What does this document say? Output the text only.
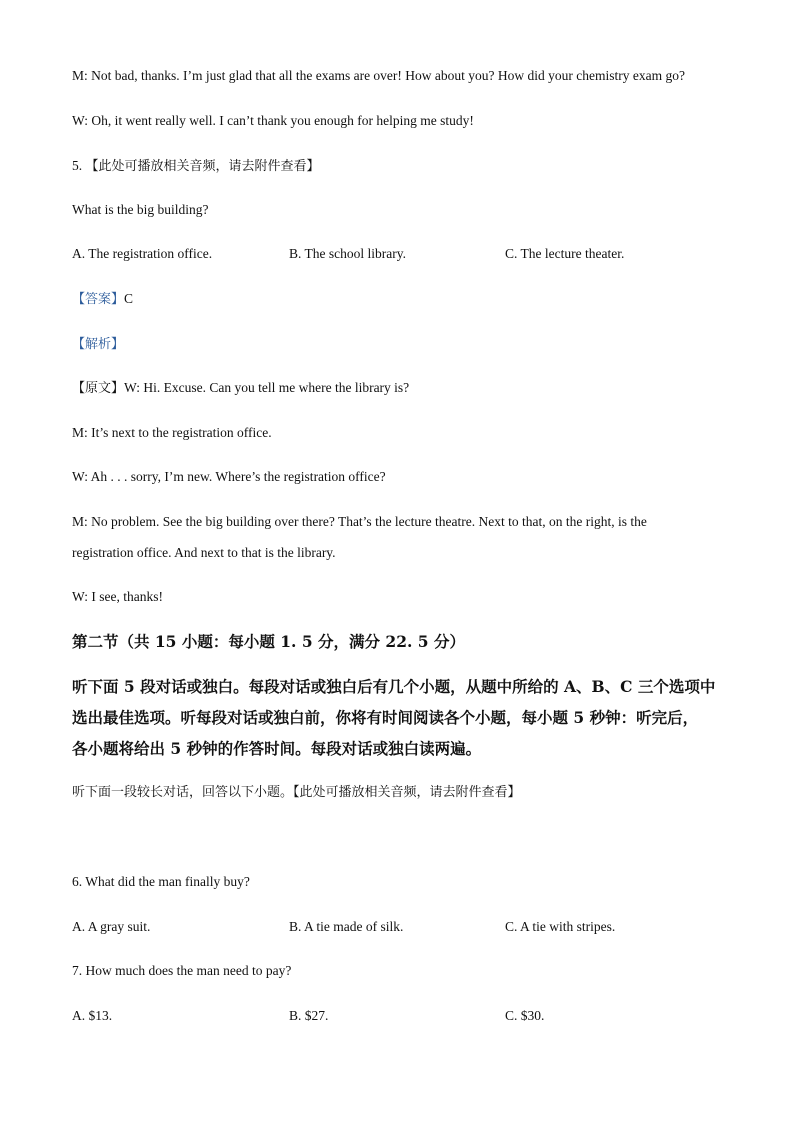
M: Not bad, thanks. I’m just glad that all the exams are over! How about you? How did your chemistry exam go?

W: Oh, it went really well. I can’t thank you enough for helping me study!

5. 【此处可播放相关音频，请去附件查看】

What is the big building?

A. The registration office.	B. The school library.	C. The lecture theater.

【答案】C

【解析】

【原文】W: Hi. Excuse. Can you tell me where the library is?

M: It’s next to the registration office.

W: Ah . . . sorry, I’m new. Where’s the registration office?

M: No problem. See the big building over there? That’s the lecture theatre. Next to that, on the right, is the

registration office. And next to that is the library.

W: I see, thanks!

第二节（共 15 小题：每小题 1. 5 分，满分 22. 5 分）

听下面 5 段对话或独白。每段对话或独白后有几个小题，从题中所给的 A、B、C 三个选项中

选出最佳选项。听每段对话或独白前，你将有时间阅读各个小题，每小题 5 秒钟：听完后，

各小题将给出 5 秒钟的作答时间。每段对话或独白读两遍。

听下面一段较长对话，回答以下小题。【此处可播放相关音频，请去附件查看】

6. What did the man finally buy?

A. A gray suit.	B. A tie made of silk.	C. A tie with stripes.

7. How much does the man need to pay?

A. $13.	B. $27.	C. $30.
